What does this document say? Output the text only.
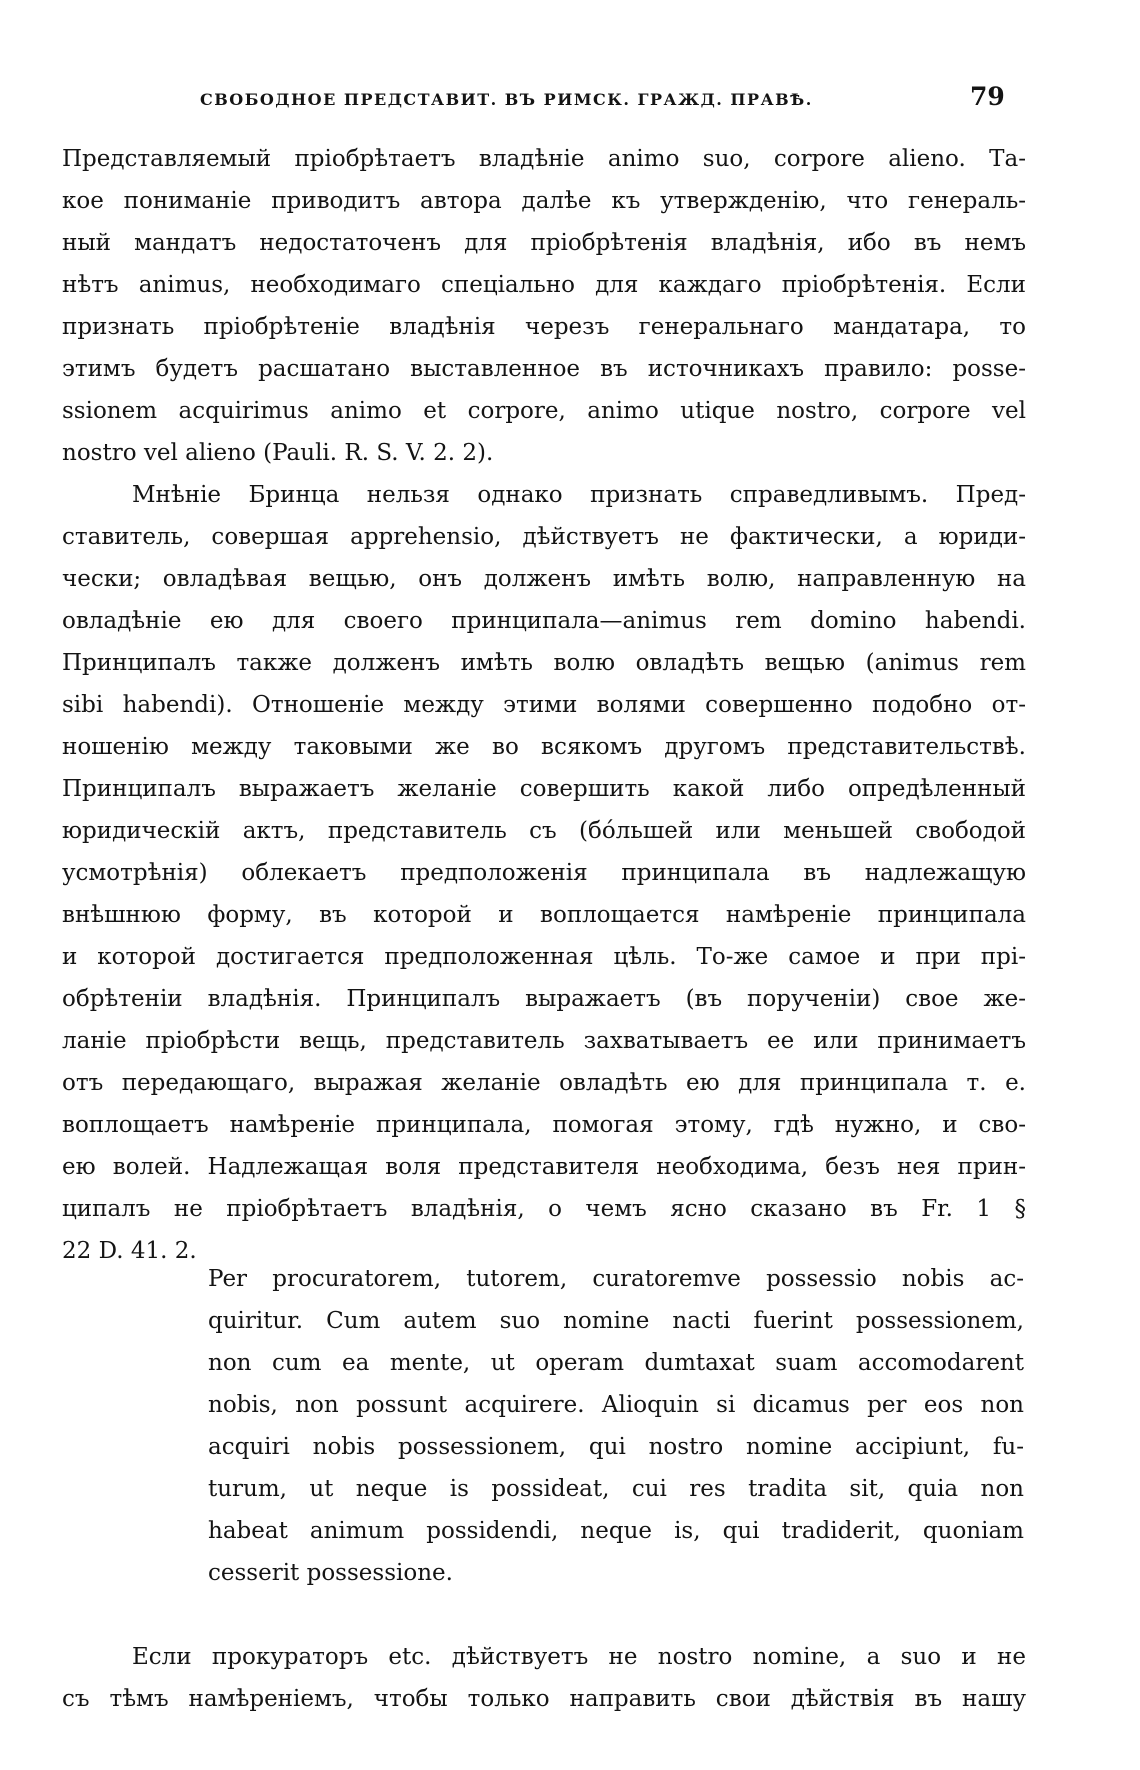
СВОБОДНОЕ ПРЕДСТАВИТ. ВЪ РИМСК. ГРАЖД. ПРАВѢ.	79
Представляемый пріобрѣтаетъ владѣніе animo suo, corpore alieno. Та-
кое пониманіе приводитъ автора далѣе къ утвержденію, что генераль-
ный мандатъ недостаточенъ для пріобрѣтенія владѣнія, ибо въ немъ
нѣтъ animus, необходимаго спеціально для каждаго пріобрѣтенія. Если
признать пріобрѣтеніе владѣнія черезъ генеральнаго мандатара, то
этимъ будетъ расшатано выставленное въ источникахъ правило: posse-
ssionem acquirimus animo et corpore, animo utique nostro, corpore vel
nostro vel alieno (Pauli. R. S. V. 2. 2).
Мнѣніе Бринца нельзя однако признать справедливымъ. Пред-
ставитель, совершая apprehensio, дѣйствуетъ не фактически, а юриди-
чески; овладѣвая вещью, онъ долженъ имѣть волю, направленную на
овладѣніе ею для своего принципала—animus rem domino habendi.
Принципалъ также долженъ имѣть волю овладѣть вещью (animus rem
sibi habendi). Отношеніе между этими волями совершенно подобно от-
ношенію между таковыми же во всякомъ другомъ представительствѣ.
Принципалъ выражаетъ желаніе совершить какой либо опредѣленный
юридическій актъ, представитель съ (бóльшей или меньшей свободой
усмотрѣнія) облекаетъ предположенія принципала въ надлежащую
внѣшнюю форму, въ которой и воплощается намѣреніе принципала
и которой достигается предположенная цѣль. То-же самое и при прі-
обрѣтеніи владѣнія. Принципалъ выражаетъ (въ порученіи) свое же-
ланіе пріобрѣсти вещь, представитель захватываетъ ее или принимаетъ
отъ передающаго, выражая желаніе овладѣть ею для принципала т. е.
воплощаетъ намѣреніе принципала, помогая этому, гдѣ нужно, и сво-
ею волей. Надлежащая воля представителя необходима, безъ нея прин-
ципалъ не пріобрѣтаетъ владѣнія, о чемъ ясно сказано въ Fr. 1 §
22 D. 41. 2.
Per procuratorem, tutorem, curatoremve possessio nobis ac-
quiritur. Cum autem suo nomine nacti fuerint possessionem,
non cum ea mente, ut operam dumtaxat suam accomodarent
nobis, non possunt acquirere. Alioquin si dicamus per eos non
acquiri nobis possessionem, qui nostro nomine accipiunt, fu-
turum, ut neque is possideat, cui res tradita sit, quia non
habeat animum possidendi, neque is, qui tradiderit, quoniam
cesserit possessione.
Если прокураторъ etc. дѣйствуетъ не nostro nomine, а suo и не
съ тѣмъ намѣреніемъ, чтобы только направить свои дѣйствія въ нашу
